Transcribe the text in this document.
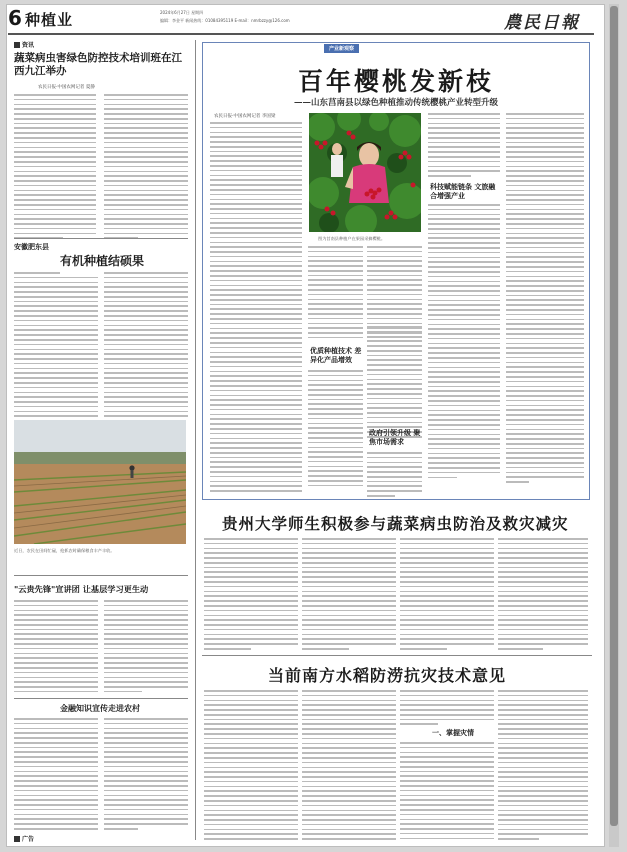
6 种植业	2024年6月27日 星期四
编辑：李金平 新闻热线：01084395119 E-mail：nmrbzzy@126.com	農民日報
资讯
蔬菜病虫害绿色防控技术培训班在江西九江举办
农民日报·中国农网记者 夏静
安徽肥东县
有机种植结硕果
近日，农民在田间忙碌，抢抓农时确保粮食丰产丰收。
"云贵先锋"宣讲团 让基层学习更生动
金融知识宣传走进农村
广告
产业新观察
百年樱桃发新枝
——山东莒南县以绿色种植推动传统樱桃产业转型升级
农民日报·中国农网记者 李国梁
图为莒南县种植户在果园采摘樱桃。
优质种植技术 差异化产品增效
政府引领升级 聚焦市场需求
科技赋能链条 文旅融合增强产业
贵州大学师生积极参与蔬菜病虫防治及救灾减灾
当前南方水稻防涝抗灾技术意见
一、掌握灾情
